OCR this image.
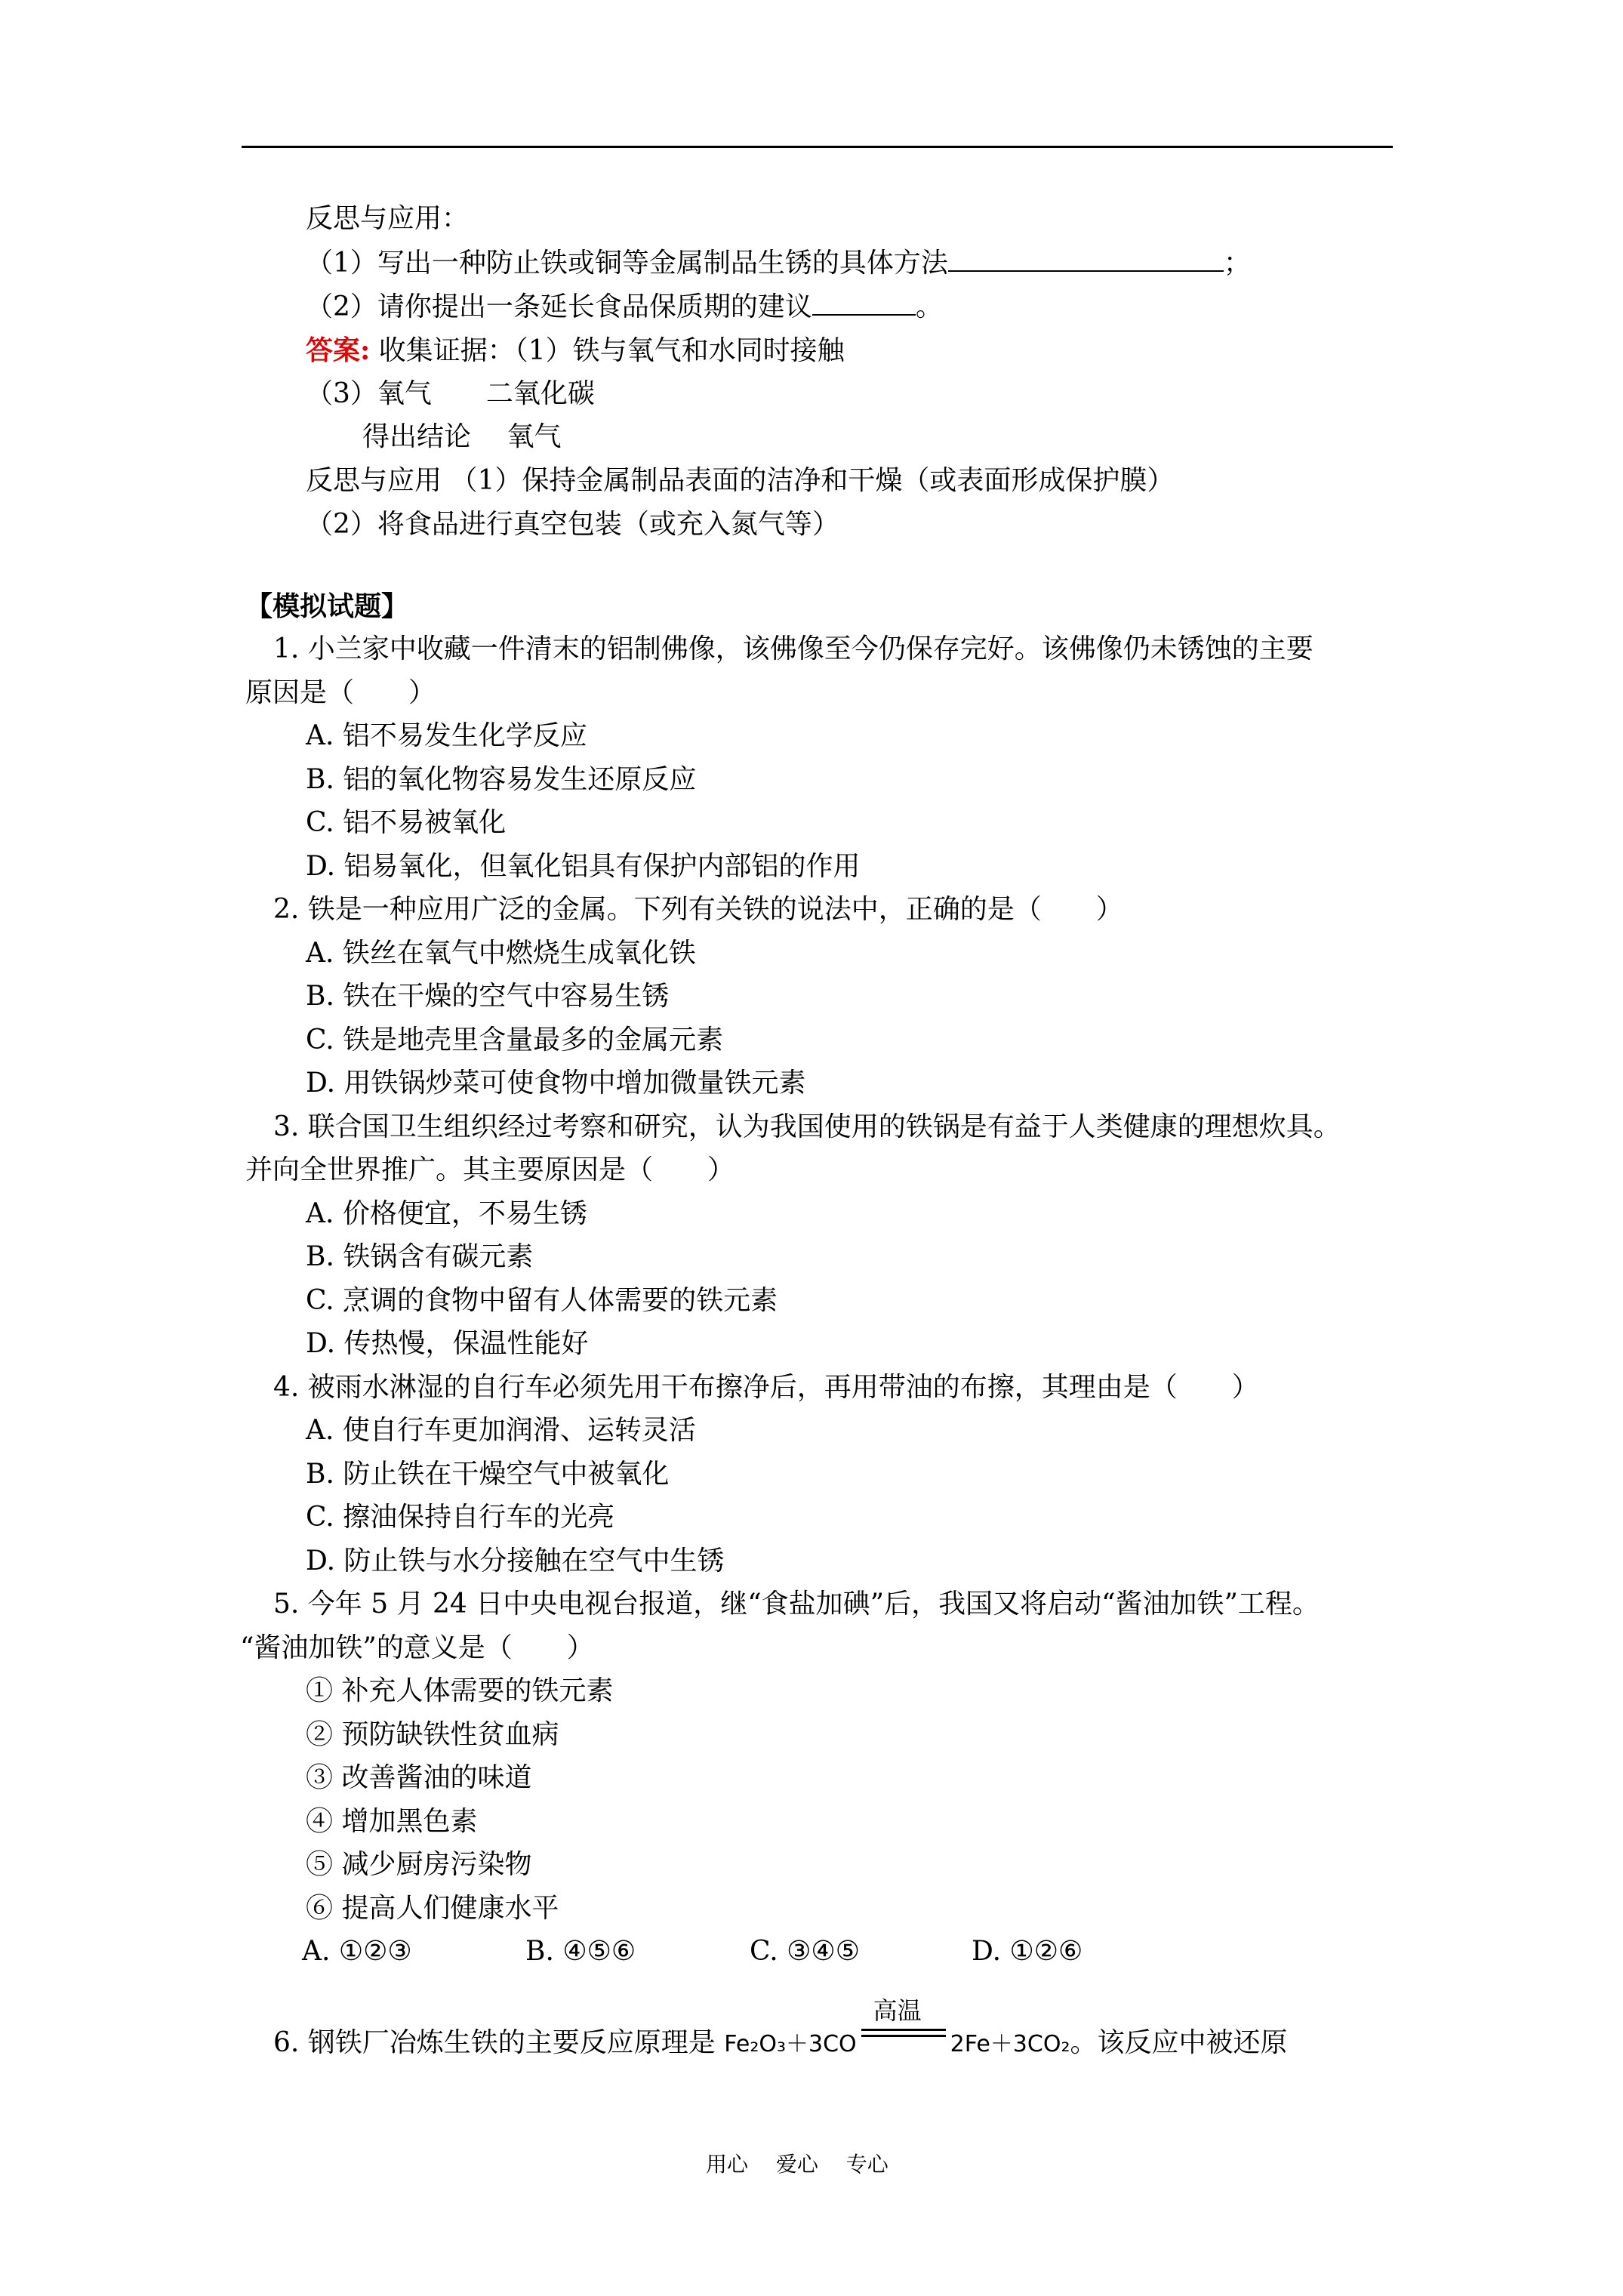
反思与应用：
（1）写出一种防止铁或铜等金属制品生锈的具体方法	；
（2）请你提出一条延长食品保质期的建议	。
答案: 收集证据：（1）铁与氧气和水同时接触
（3）氧气　　二氧化碳
得出结论　 氧气
反思与应用 （1）保持金属制品表面的洁净和干燥（或表面形成保护膜）
（2）将食品进行真空包装（或充入氮气等）
【模拟试题】
1. 小兰家中收藏一件清末的铝制佛像，该佛像至今仍保存完好。该佛像仍未锈蚀的主要
原因是（　　）
A. 铝不易发生化学反应
B. 铝的氧化物容易发生还原反应
C. 铝不易被氧化
D. 铝易氧化，但氧化铝具有保护内部铝的作用
2. 铁是一种应用广泛的金属。下列有关铁的说法中，正确的是（　　）
A. 铁丝在氧气中燃烧生成氧化铁
B. 铁在干燥的空气中容易生锈
C. 铁是地壳里含量最多的金属元素
D. 用铁锅炒菜可使食物中增加微量铁元素
3. 联合国卫生组织经过考察和研究，认为我国使用的铁锅是有益于人类健康的理想炊具。
并向全世界推广。其主要原因是（　　）
A. 价格便宜，不易生锈
B. 铁锅含有碳元素
C. 烹调的食物中留有人体需要的铁元素
D. 传热慢，保温性能好
4. 被雨水淋湿的自行车必须先用干布擦净后，再用带油的布擦，其理由是（　　）
A. 使自行车更加润滑、运转灵活
B. 防止铁在干燥空气中被氧化
C. 擦油保持自行车的光亮
D. 防止铁与水分接触在空气中生锈
5. 今年 5 月 24 日中央电视台报道，继“食盐加碘”后，我国又将启动“酱油加铁”工程。
“酱油加铁”的意义是（　　）
① 补充人体需要的铁元素
② 预防缺铁性贫血病
③ 改善酱油的味道
④ 增加黑色素
⑤ 减少厨房污染物
⑥ 提高人们健康水平
A. ①②③	B. ④⑤⑥	C. ③④⑤	D. ①②⑥
6. 钢铁厂冶炼生铁的主要反应原理是 Fe₂O₃＋3CO
高温
2Fe＋3CO₂。该反应中被还原
用心　 爱心　 专心
